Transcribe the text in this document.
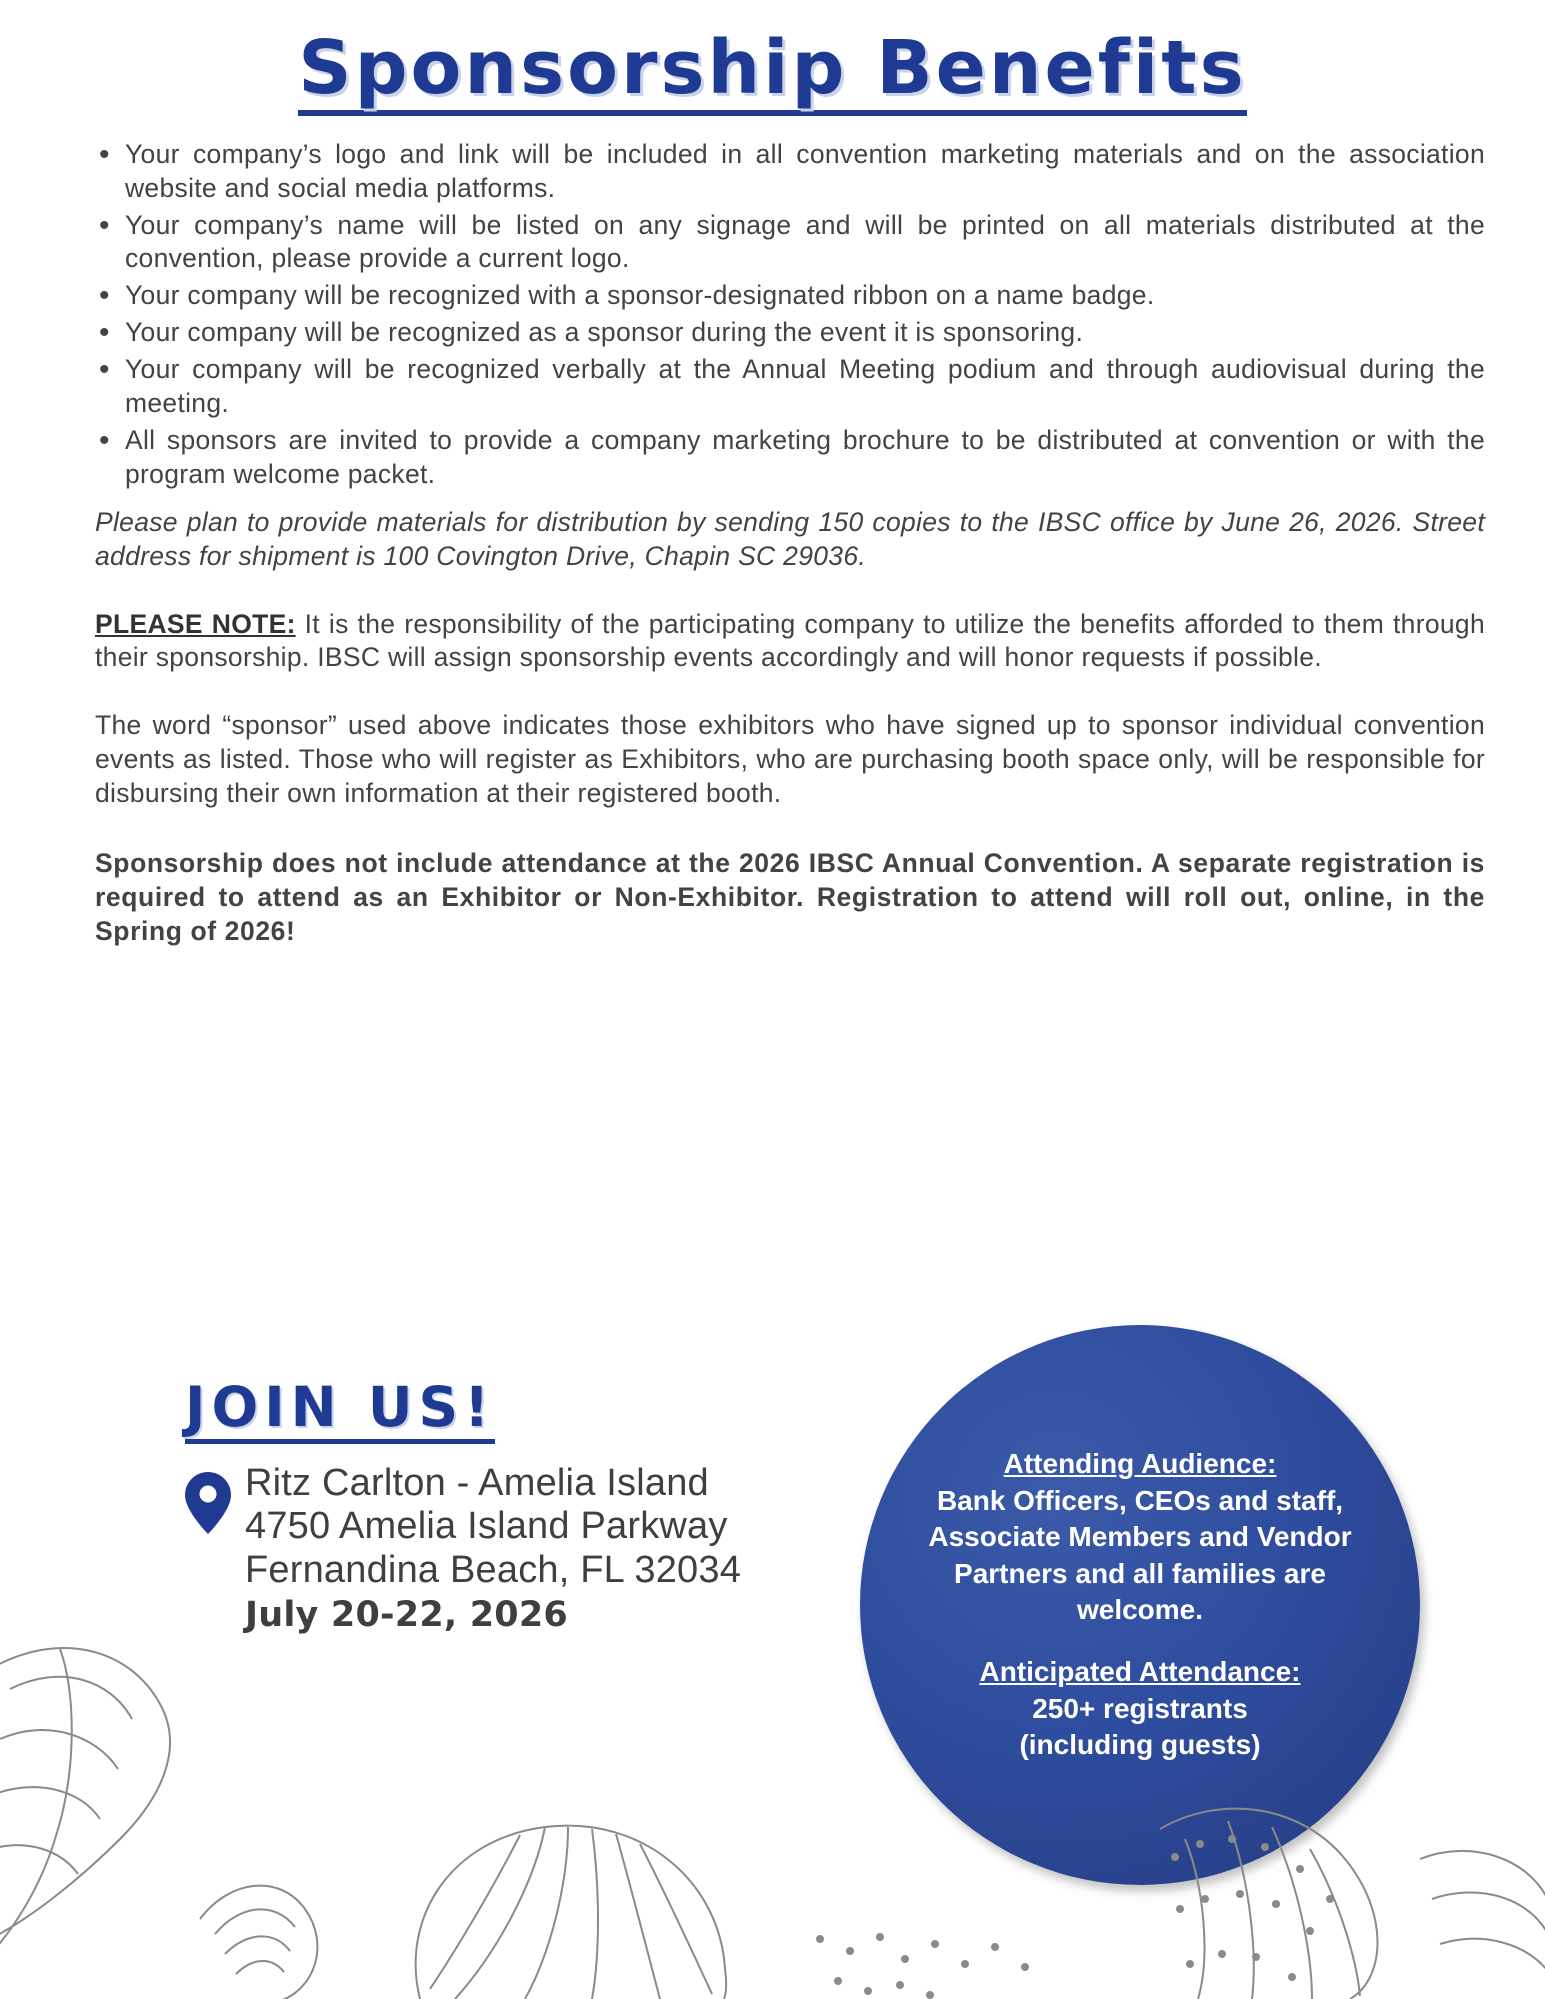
Sponsorship Benefits
• Your company’s logo and link will be included in all convention marketing materials and on the association website and social media platforms.
• Your company’s name will be listed on any signage and will be printed on all materials distributed at the convention, please provide a current logo.
• Your company will be recognized with a sponsor-designated ribbon on a name badge.
• Your company will be recognized as a sponsor during the event it is sponsoring.
• Your company will be recognized verbally at the Annual Meeting podium and through audiovisual during the meeting.
• All sponsors are invited to provide a company marketing brochure to be distributed at convention or with the program welcome packet.

Please plan to provide materials for distribution by sending 150 copies to the IBSC office by June 26, 2026. Street address for shipment is 100 Covington Drive, Chapin SC 29036.

PLEASE NOTE: It is the responsibility of the participating company to utilize the benefits afforded to them through their sponsorship. IBSC will assign sponsorship events accordingly and will honor requests if possible.

The word “sponsor” used above indicates those exhibitors who have signed up to sponsor individual convention events as listed. Those who will register as Exhibitors, who are purchasing booth space only, will be responsible for disbursing their own information at their registered booth.

Sponsorship does not include attendance at the 2026 IBSC Annual Convention. A separate registration is required to attend as an Exhibitor or Non-Exhibitor. Registration to attend will roll out, online, in the Spring of 2026!

JOIN US!
Ritz Carlton - Amelia Island
4750 Amelia Island Parkway
Fernandina Beach, FL 32034
July 20-22, 2026
Attending Audience:
Bank Officers, CEOs and staff, Associate Members and Vendor Partners and all families are welcome.
Anticipated Attendance:
250+ registrants
(including guests)
